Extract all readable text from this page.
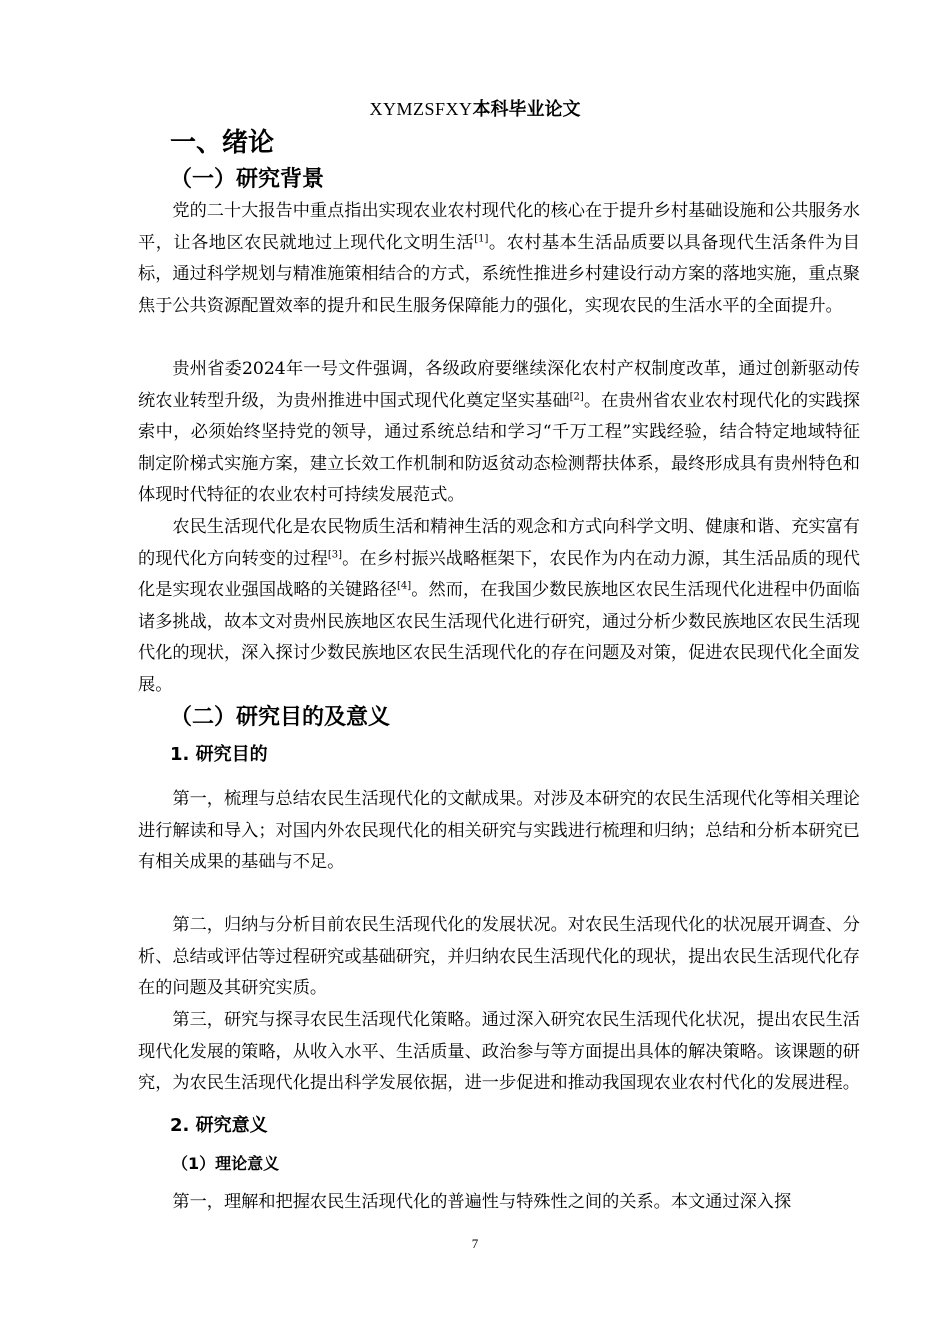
XYMZSFXY本科毕业论文
一、绪论
（一）研究背景

党的二十大报告中重点指出实现农业农村现代化的核心在于提升乡村基础设施和公共服务水平，让各地区农民就地过上现代化文明生活[1]。农村基本生活品质要以具备现代生活条件为目标，通过科学规划与精准施策相结合的方式，系统性推进乡村建设行动方案的落地实施，重点聚焦于公共资源配置效率的提升和民生服务保障能力的强化，实现农民的生活水平的全面提升。

贵州省委2024年一号文件强调，各级政府要继续深化农村产权制度改革，通过创新驱动传统农业转型升级，为贵州推进中国式现代化奠定坚实基础[2]。在贵州省农业农村现代化的实践探索中，必须始终坚持党的领导，通过系统总结和学习“千万工程”实践经验，结合特定地域特征制定阶梯式实施方案，建立长效工作机制和防返贫动态检测帮扶体系，最终形成具有贵州特色和体现时代特征的农业农村可持续发展范式。

农民生活现代化是农民物质生活和精神生活的观念和方式向科学文明、健康和谐、充实富有的现代化方向转变的过程[3]。在乡村振兴战略框架下，农民作为内在动力源，其生活品质的现代化是实现农业强国战略的关键路径[4]。然而，在我国少数民族地区农民生活现代化进程中仍面临诸多挑战，故本文对贵州民族地区农民生活现代化进行研究，通过分析少数民族地区农民生活现代化的现状，深入探讨少数民族地区农民生活现代化的存在问题及对策，促进农民现代化全面发展。

（二）研究目的及意义
1. 研究目的

第一，梳理与总结农民生活现代化的文献成果。对涉及本研究的农民生活现代化等相关理论进行解读和导入；对国内外农民现代化的相关研究与实践进行梳理和归纳；总结和分析本研究已有相关成果的基础与不足。

第二，归纳与分析目前农民生活现代化的发展状况。对农民生活现代化的状况展开调查、分析、总结或评估等过程研究或基础研究，并归纳农民生活现代化的现状，提出农民生活现代化存在的问题及其研究实质。

第三，研究与探寻农民生活现代化策略。通过深入研究农民生活现代化状况，提出农民生活现代化发展的策略，从收入水平、生活质量、政治参与等方面提出具体的解决策略。该课题的研究，为农民生活现代化提出科学发展依据，进一步促进和推动我国现农业农村代化的发展进程。

2. 研究意义
（1）理论意义

第一，理解和把握农民生活现代化的普遍性与特殊性之间的关系。本文通过深入探

7
